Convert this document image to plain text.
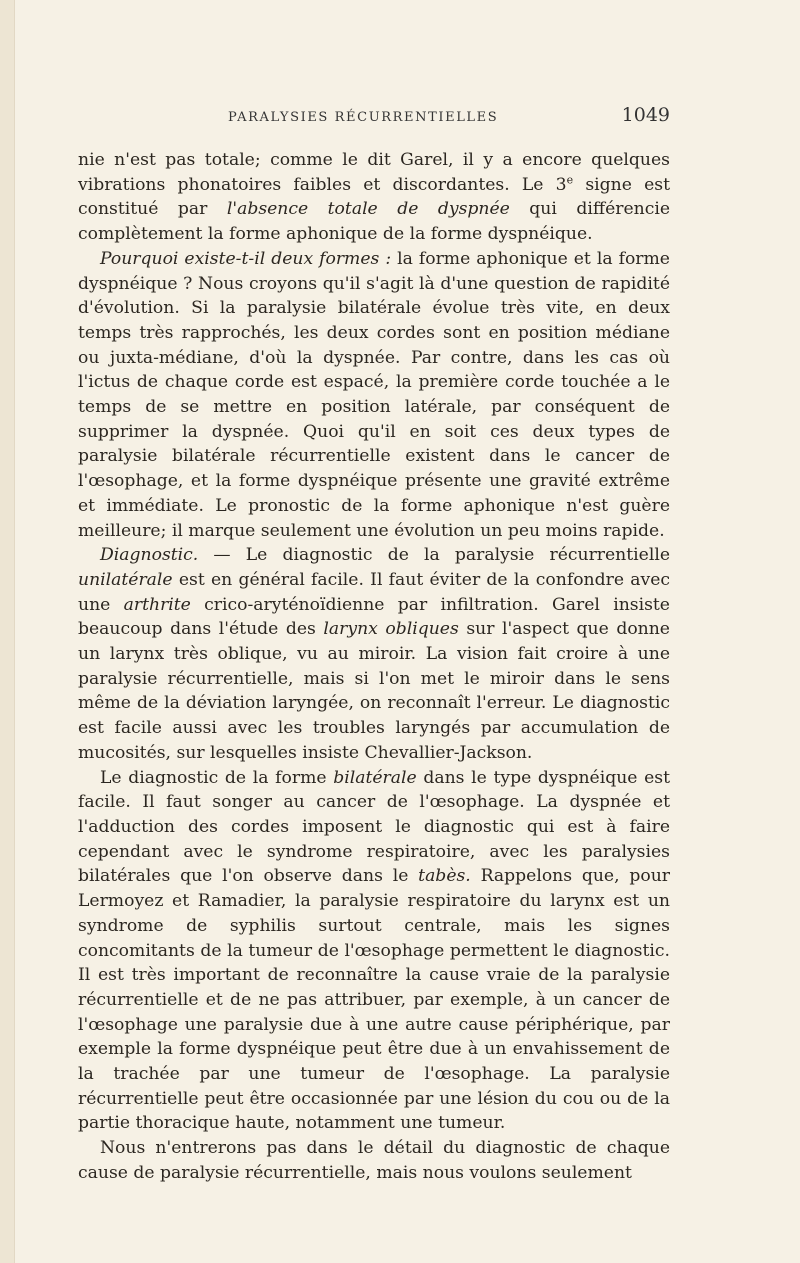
PARALYSIES RÉCURRENTIELLES	1049

nie n'est pas totale; comme le dit Garel, il y a encore quelques vibrations phonatoires faibles et discordantes. Le 3e signe est constitué par l'absence totale de dyspnée qui différencie complètement la forme aphonique de la forme dyspnéique.

Pourquoi existe-t-il deux formes : la forme aphonique et la forme dyspnéique ? Nous croyons qu'il s'agit là d'une question de rapidité d'évolution. Si la paralysie bilatérale évolue très vite, en deux temps très rapprochés, les deux cordes sont en position médiane ou juxta-médiane, d'où la dyspnée. Par contre, dans les cas où l'ictus de chaque corde est espacé, la première corde touchée a le temps de se mettre en position latérale, par conséquent de supprimer la dyspnée. Quoi qu'il en soit ces deux types de paralysie bilatérale récurrentielle existent dans le cancer de l'œsophage, et la forme dyspnéique présente une gravité extrême et immédiate. Le pronostic de la forme aphonique n'est guère meilleure; il marque seulement une évolution un peu moins rapide.

Diagnostic. — Le diagnostic de la paralysie récurrentielle unilatérale est en général facile. Il faut éviter de la confondre avec une arthrite crico-aryténoïdienne par infiltration. Garel insiste beaucoup dans l'étude des larynx obliques sur l'aspect que donne un larynx très oblique, vu au miroir. La vision fait croire à une paralysie récurrentielle, mais si l'on met le miroir dans le sens même de la déviation laryngée, on reconnaît l'erreur. Le diagnostic est facile aussi avec les troubles laryngés par accumulation de mucosités, sur lesquelles insiste Chevallier-Jackson.

Le diagnostic de la forme bilatérale dans le type dyspnéique est facile. Il faut songer au cancer de l'œsophage. La dyspnée et l'adduction des cordes imposent le diagnostic qui est à faire cependant avec le syndrome respiratoire, avec les paralysies bilatérales que l'on observe dans le tabès. Rappelons que, pour Lermoyez et Ramadier, la paralysie respiratoire du larynx est un syndrome de syphilis surtout centrale, mais les signes concomitants de la tumeur de l'œsophage permettent le diagnostic. Il est très important de reconnaître la cause vraie de la paralysie récurrentielle et de ne pas attribuer, par exemple, à un cancer de l'œsophage une paralysie due à une autre cause périphérique, par exemple la forme dyspnéique peut être due à un envahissement de la trachée par une tumeur de l'œsophage. La paralysie récurrentielle peut être occasionnée par une lésion du cou ou de la partie thoracique haute, notamment une tumeur.

Nous n'entrerons pas dans le détail du diagnostic de chaque cause de paralysie récurrentielle, mais nous voulons seulement
